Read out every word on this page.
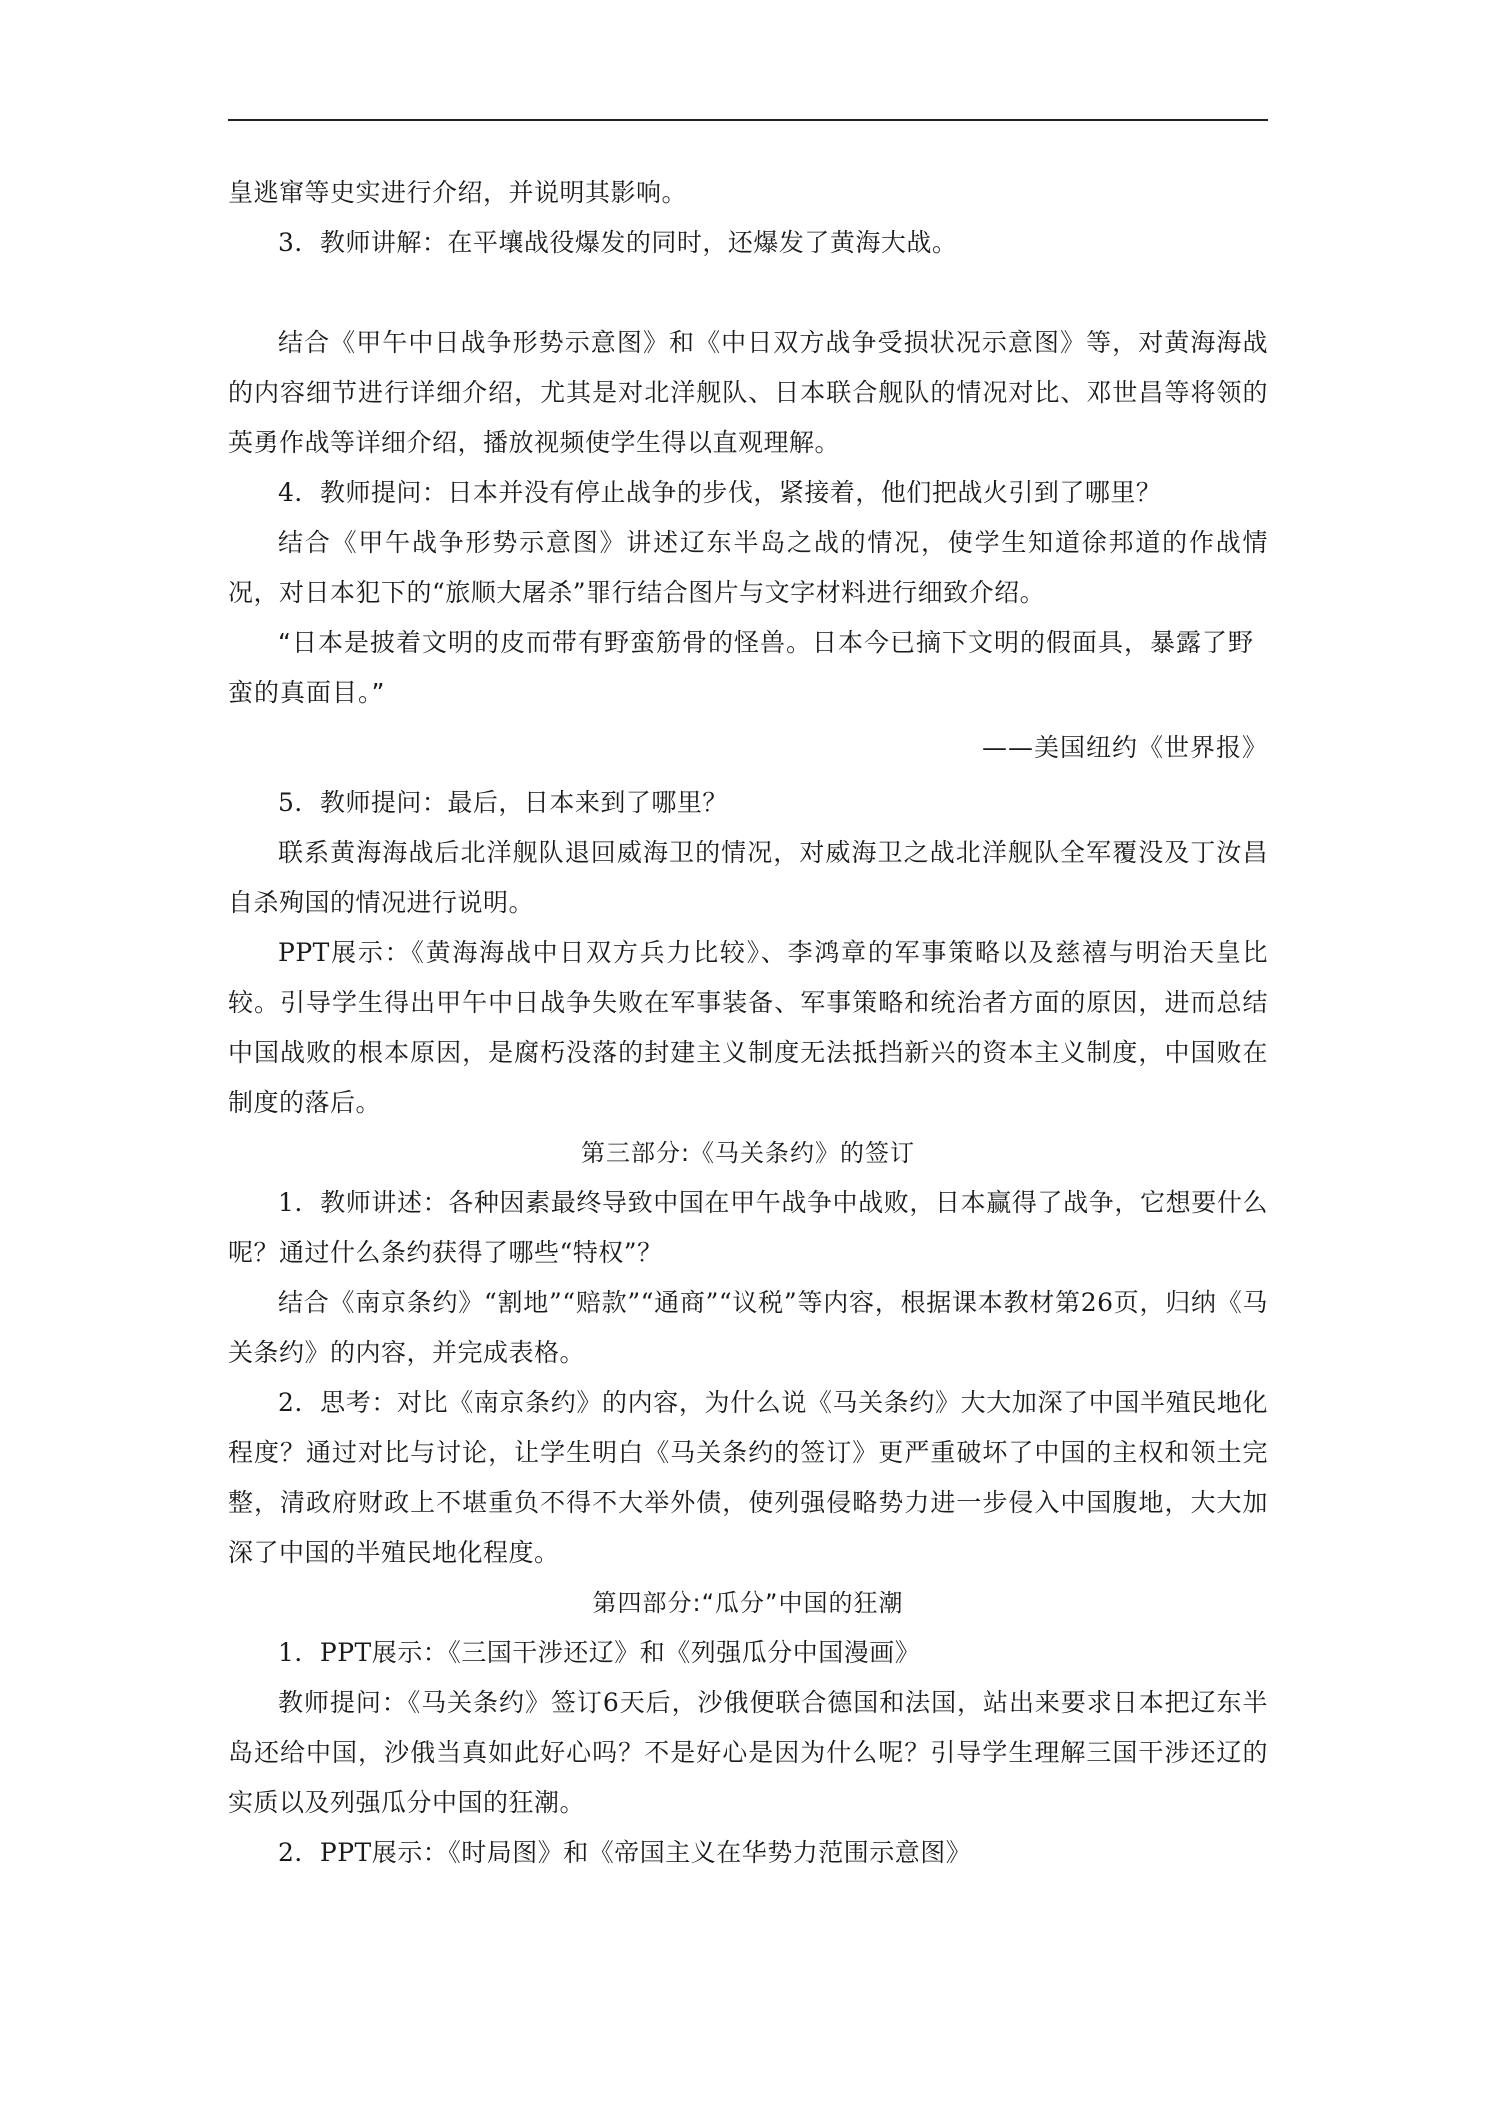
皇逃窜等史实进行介绍，并说明其影响。

3．教师讲解：在平壤战役爆发的同时，还爆发了黄海大战。

结合《甲午中日战争形势示意图》和《中日双方战争受损状况示意图》等，对黄海海战的内容细节进行详细介绍，尤其是对北洋舰队、日本联合舰队的情况对比、邓世昌等将领的英勇作战等详细介绍，播放视频使学生得以直观理解。

4．教师提问：日本并没有停止战争的步伐，紧接着，他们把战火引到了哪里？

结合《甲午战争形势示意图》讲述辽东半岛之战的情况，使学生知道徐邦道的作战情况，对日本犯下的“旅顺大屠杀”罪行结合图片与文字材料进行细致介绍。

“日本是披着文明的皮而带有野蛮筋骨的怪兽。日本今已摘下文明的假面具，暴露了野蛮的真面目。”

——美国纽约《世界报》

5．教师提问：最后，日本来到了哪里？

联系黄海海战后北洋舰队退回威海卫的情况，对威海卫之战北洋舰队全军覆没及丁汝昌自杀殉国的情况进行说明。

PPT展示：《黄海海战中日双方兵力比较》、李鸿章的军事策略以及慈禧与明治天皇比较。引导学生得出甲午中日战争失败在军事装备、军事策略和统治者方面的原因，进而总结中国战败的根本原因，是腐朽没落的封建主义制度无法抵挡新兴的资本主义制度，中国败在制度的落后。

第三部分:《马关条约》的签订

1．教师讲述：各种因素最终导致中国在甲午战争中战败，日本赢得了战争，它想要什么呢？通过什么条约获得了哪些“特权”？

结合《南京条约》“割地”“赔款”“通商”“议税”等内容，根据课本教材第26页，归纳《马关条约》的内容，并完成表格。

2．思考：对比《南京条约》的内容，为什么说《马关条约》大大加深了中国半殖民地化程度？通过对比与讨论，让学生明白《马关条约的签订》更严重破坏了中国的主权和领土完整，清政府财政上不堪重负不得不大举外债，使列强侵略势力进一步侵入中国腹地，大大加深了中国的半殖民地化程度。

第四部分:“瓜分”中国的狂潮

1．PPT展示：《三国干涉还辽》和《列强瓜分中国漫画》

教师提问：《马关条约》签订6天后，沙俄便联合德国和法国，站出来要求日本把辽东半岛还给中国，沙俄当真如此好心吗？不是好心是因为什么呢？引导学生理解三国干涉还辽的实质以及列强瓜分中国的狂潮。

2．PPT展示：《时局图》和《帝国主义在华势力范围示意图》
